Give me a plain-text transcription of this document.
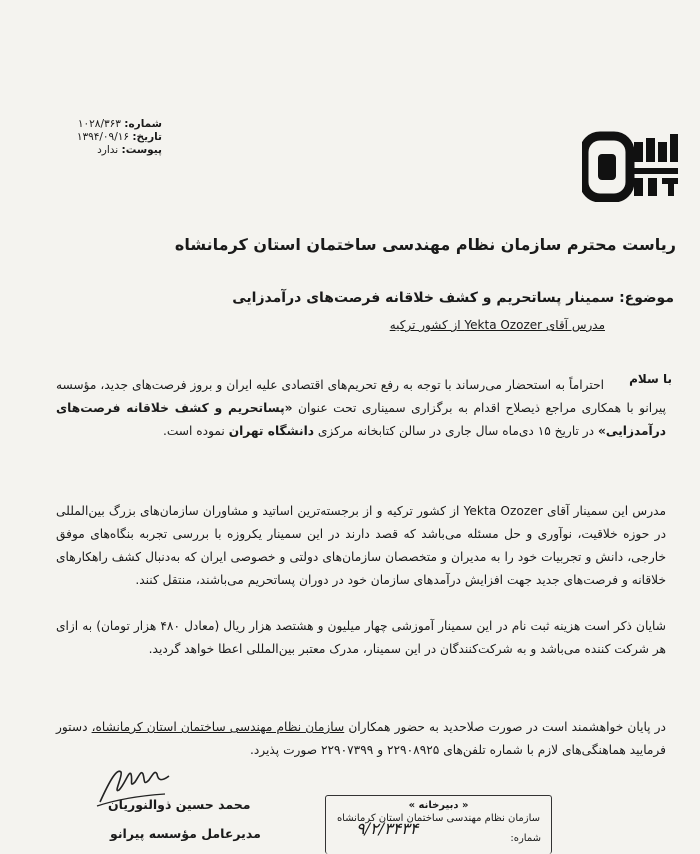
شماره: ۱۰۲۸/۳۶۳
تاریخ: ۱۳۹۴/۰۹/۱۶
پیوست: ندارد
ریاست محترم سازمان نظام مهندسی ساختمان استان کرمانشاه
موضوع: سمینار پساتحریم و کشف خلاقانه فرصت‌های درآمدزایی
مدرس آقای Yekta Ozozer از کشور ترکیه
با سلام
احتراماً به استحضار می‌رساند با توجه به رفع تحریم‌های اقتصادی علیه ایران و بروز فرصت‌های جدید، مؤسسه پیرانو با همکاری مراجع ذیصلاح اقدام به برگزاری سمیناری تحت عنوان «پساتحریم و کشف خلاقانه فرصت‌های درآمدزایی» در تاریخ ۱۵ دی‌ماه سال جاری در سالن کتابخانه مرکزی دانشگاه تهران نموده است.
مدرس این سمینار آقای Yekta Ozozer از کشور ترکیه و از برجسته‌ترین اساتید و مشاوران سازمان‌های بزرگ بین‌المللی در حوزه خلاقیت، نوآوری و حل مسئله می‌باشد که قصد دارند در این سمینار یکروزه با بررسی تجربه بنگاه‌های موفق خارجی، دانش و تجربیات خود را به مدیران و متخصصان سازمان‌های دولتی و خصوصی ایران که به‌دنبال کشف راهکارهای خلاقانه و فرصت‌های جدید جهت افزایش درآمدهای سازمان خود در دوران پساتحریم می‌باشند، منتقل کنند.
شایان ذکر است هزینه ثبت نام در این سمینار آموزشی چهار میلیون و هشتصد هزار ریال (معادل ۴۸۰ هزار تومان) به ازای هر شرکت کننده می‌باشد و به شرکت‌کنندگان در این سمینار، مدرک معتبر بین‌المللی اعطا خواهد گردید.
در پایان خواهشمند است در صورت صلاحدید به حضور همکاران سازمان نظام مهندسی ساختمان استان کرمانشاه، دستور فرمایید هماهنگی‌های لازم با شماره تلفن‌های ۲۲۹۰۸۹۲۵ و ۲۲۹۰۷۳۹۹ صورت پذیرد.
محمد حسین ذوالنوریان
مدیرعامل مؤسسه پیرانو
« دبیرخانه »
سازمان نظام مهندسی ساختمان استان کرمانشاه
شماره:
۹/۲/۳۴۳۴
